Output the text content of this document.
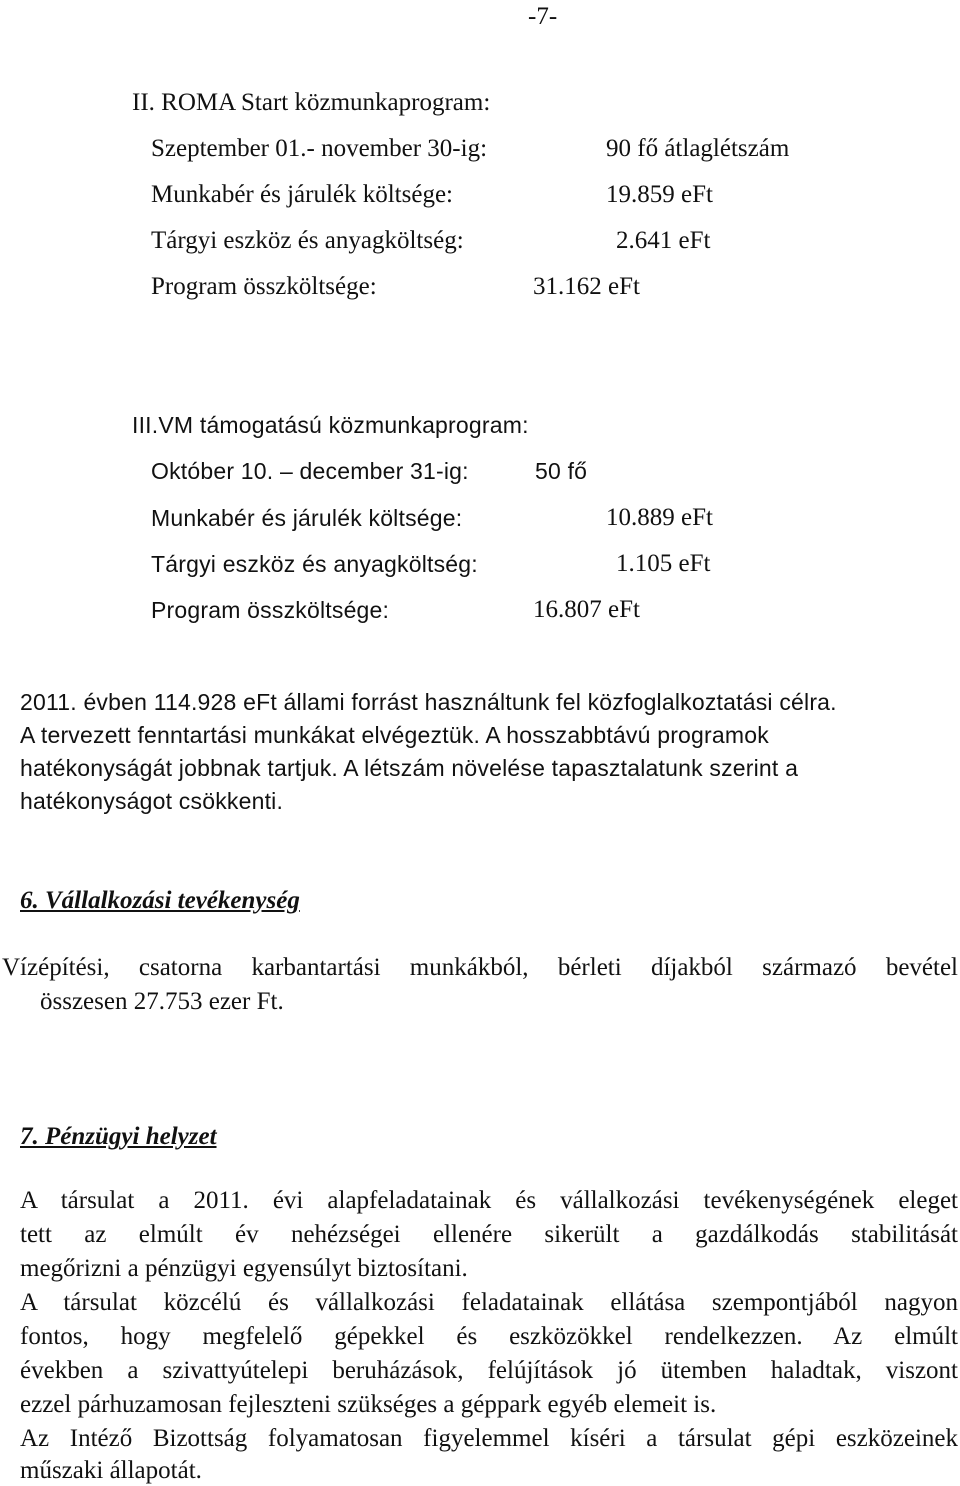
-7-
II. ROMA Start közmunkaprogram:
Szeptember 01.- november 30-ig:	90 fő átlaglétszám
Munkabér és járulék költsége:	19.859 eFt
Tárgyi eszköz és anyagköltség:	2.641 eFt
Program összköltsége:	31.162 eFt
III.VM támogatású közmunkaprogram:
Október 10. – december 31-ig:	50 fő
Munkabér és járulék költsége:	10.889 eFt
Tárgyi eszköz és anyagköltség:	1.105 eFt
Program összköltsége:	16.807 eFt
2011. évben 114.928 eFt állami forrást használtunk fel közfoglalkoztatási célra.
A tervezett fenntartási munkákat elvégeztük. A hosszabbtávú programok
hatékonyságát jobbnak tartjuk. A létszám növelése tapasztalatunk szerint a
hatékonyságot csökkenti.
6. Vállalkozási tevékenység
Vízépítési, csatorna karbantartási munkákból, bérleti díjakból származó bevétel
összesen 27.753 ezer Ft.
7. Pénzügyi helyzet
A társulat a 2011. évi alapfeladatainak és vállalkozási tevékenységének eleget
tett az elmúlt év nehézségei ellenére sikerült a gazdálkodás stabilitását
megőrizni a pénzügyi egyensúlyt biztosítani.
A társulat közcélú és vállalkozási feladatainak ellátása szempontjából nagyon
fontos, hogy megfelelő gépekkel és eszközökkel rendelkezzen. Az elmúlt
években a szivattyútelepi beruházások, felújítások jó ütemben haladtak, viszont
ezzel párhuzamosan fejleszteni szükséges a géppark egyéb elemeit is.
Az Intéző Bizottság folyamatosan figyelemmel kíséri a társulat gépi eszközeinek
műszaki állapotát.
